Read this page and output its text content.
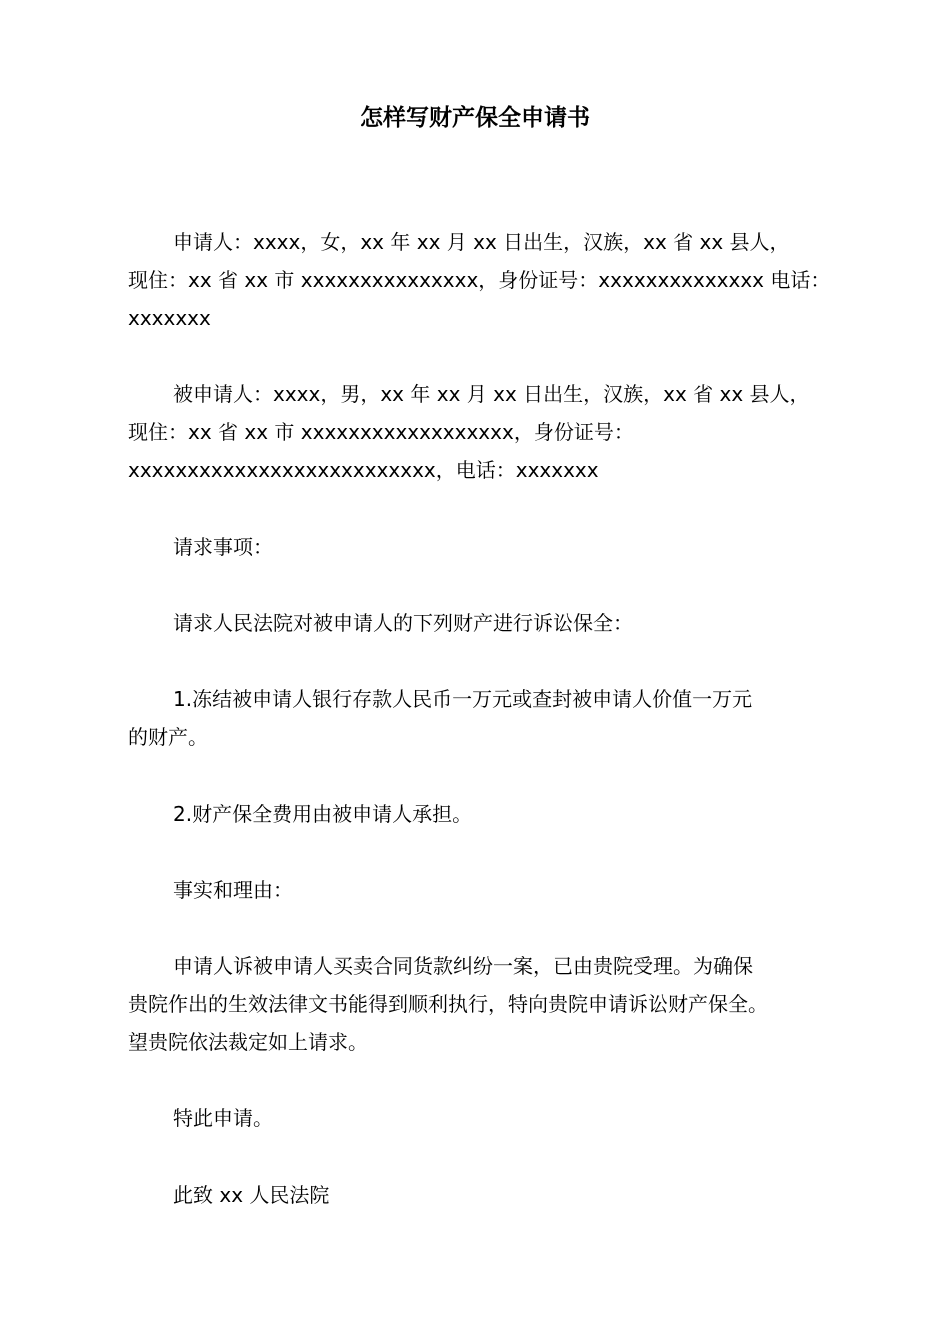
怎样写财产保全申请书
申请人：xxxx，女，xx 年 xx 月 xx 日出生，汉族，xx 省 xx 县人，
现住：xx 省 xx 市 xxxxxxxxxxxxxxx，身份证号：xxxxxxxxxxxxxx 电话：
xxxxxxx
被申请人：xxxx，男，xx 年 xx 月 xx 日出生，汉族，xx 省 xx 县人，
现住：xx 省 xx 市 xxxxxxxxxxxxxxxxxx，身份证号：
xxxxxxxxxxxxxxxxxxxxxxxxxx，电话：xxxxxxx
请求事项：
请求人民法院对被申请人的下列财产进行诉讼保全：
1.冻结被申请人银行存款人民币一万元或查封被申请人价值一万元
的财产。
2.财产保全费用由被申请人承担。
事实和理由：
申请人诉被申请人买卖合同货款纠纷一案，已由贵院受理。为确保
贵院作出的生效法律文书能得到顺利执行，特向贵院申请诉讼财产保全。
望贵院依法裁定如上请求。
特此申请。
此致 xx 人民法院
